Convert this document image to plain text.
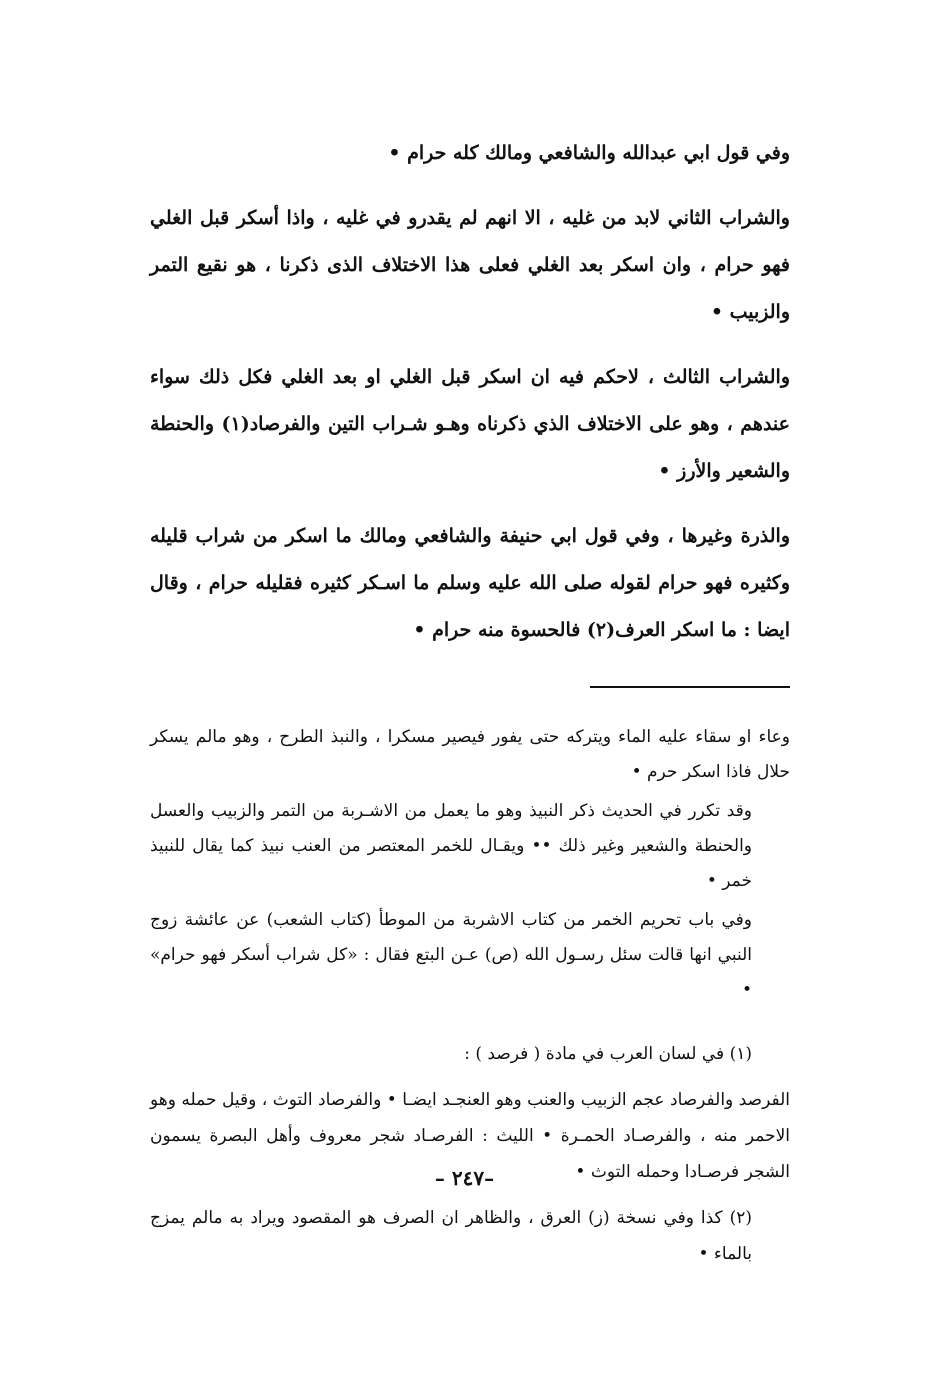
وفي قول ابي عبدالله والشافعي ومالك كله حرام •

والشراب الثاني لابد من غليه ، الا انهم لم يقدرو في غليه ، واذا أسكر قبل الغلي فهو حرام ، وان اسكر بعد الغلي فعلى هذا الاختلاف الذى ذكرنا ، هو نقيع التمر والزبيب •

والشراب الثالث ، لاحكم فيه ان اسكر قبل الغلي او بعد الغلي فكل ذلك سواء عندهم ، وهو على الاختلاف الذي ذكرناه وهـو شـراب التين والفرصاد(١) والحنطة والشعير والأرز •

والذرة وغيرها ، وفي قول ابي حنيفة والشافعي ومالك ما اسكر من شراب قليله وكثيره فهو حرام لقوله صلى الله عليه وسلم ما اسـكر كثيره فقليله حرام ، وقال ايضا : ما اسكر العرف(٢) فالحسوة منه حرام •

وعاء او سقاء عليه الماء ويتركه حتى يفور فيصير مسكرا ، والنبذ الطرح ، وهو مالم يسكر حلال فاذا اسكر حرم •

وقد تكرر في الحديث ذكر النبيذ وهو ما يعمل من الاشـربة من التمر والزبيب والعسل والحنطة والشعير وغير ذلك •• ويقـال للخمر المعتصر من العنب نبيذ كما يقال للنبيذ خمر •

وفي باب تحريم الخمر من كتاب الاشربة من الموطأ (كتاب الشعب) عن عائشة زوج النبي انها قالت سئل رسـول الله (ص) عـن البتع فقال : «كل شراب أسكر فهو حرام» •

(١) في لسان العرب في مادة ( فرصد ) :

الفرصد والفرصاد عجم الزبيب والعنب وهو العنجـد ايضـا • والفرصاد التوث ، وقيل حمله وهو الاحمر منه ، والفرصـاد الحمـرة • الليث : الفرصـاد شجر معروف وأهل البصرة يسمون الشجر فرصـادا وحمله التوث •

(٢) كذا وفي نسخة (ز) العرق ، والظاهر ان الصرف هو المقصود ويراد به مالم يمزج بالماء •

– ٢٤٧–
